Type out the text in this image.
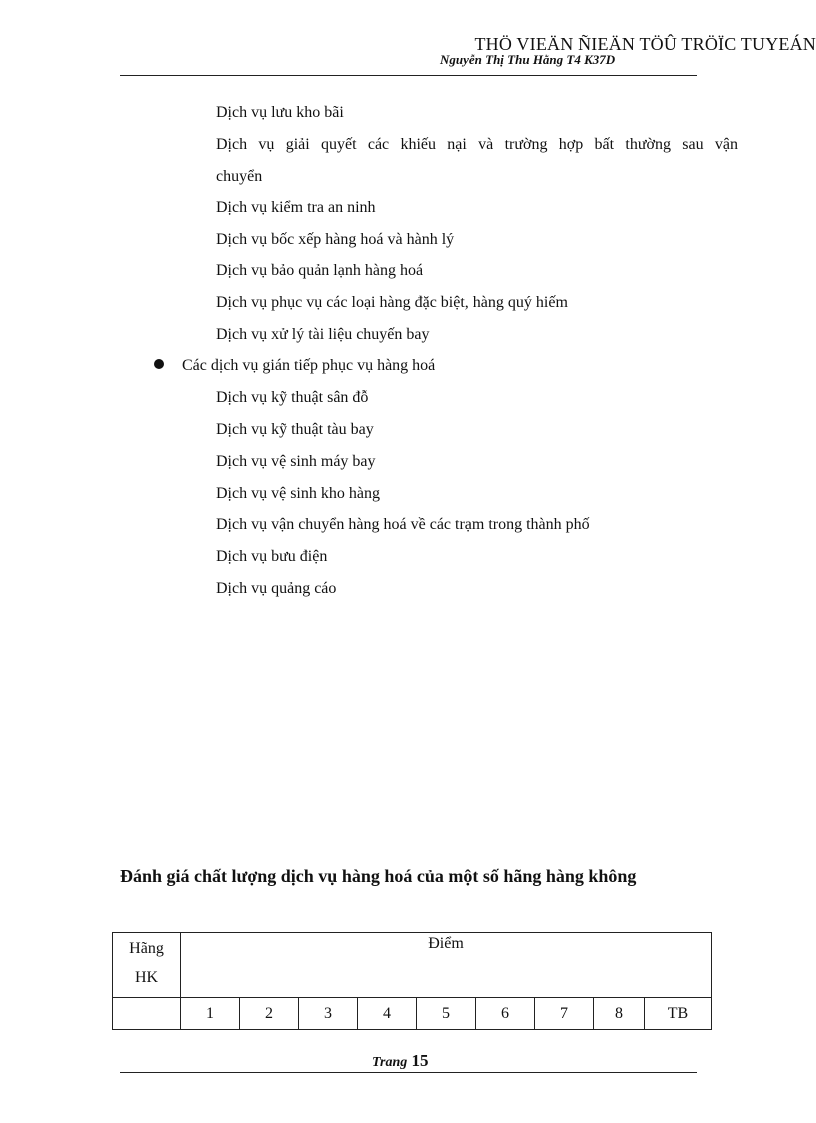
THÖ VIEÄN ÑIEÄN TÖÛ TRÖÏC TUYEÁN
Nguyễn Thị Thu Hằng T4 K37D
Dịch vụ lưu kho bãi
Dịch vụ giải quyết các khiếu nại và trường hợp bất thường sau vận
chuyển
Dịch vụ kiểm tra an ninh
Dịch vụ bốc xếp hàng hoá và hành lý
Dịch vụ bảo quản lạnh hàng hoá
Dịch vụ phục vụ các loại hàng đặc biệt, hàng quý hiếm
Dịch vụ xử lý tài liệu chuyến bay
Các dịch vụ gián tiếp phục vụ hàng hoá
Dịch vụ kỹ thuật sân đỗ
Dịch vụ kỹ thuật tàu bay
Dịch vụ vệ sinh máy bay
Dịch vụ vệ sinh kho hàng
Dịch vụ vận chuyển hàng hoá về các trạm trong thành phố
Dịch vụ bưu điện
Dịch vụ quảng cáo
Đánh giá chất lượng dịch vụ hàng hoá của một số hãng hàng không
Hãng
HK	Điểm								
	1	2	3	4	5	6	7	8	TB
Trang 15
